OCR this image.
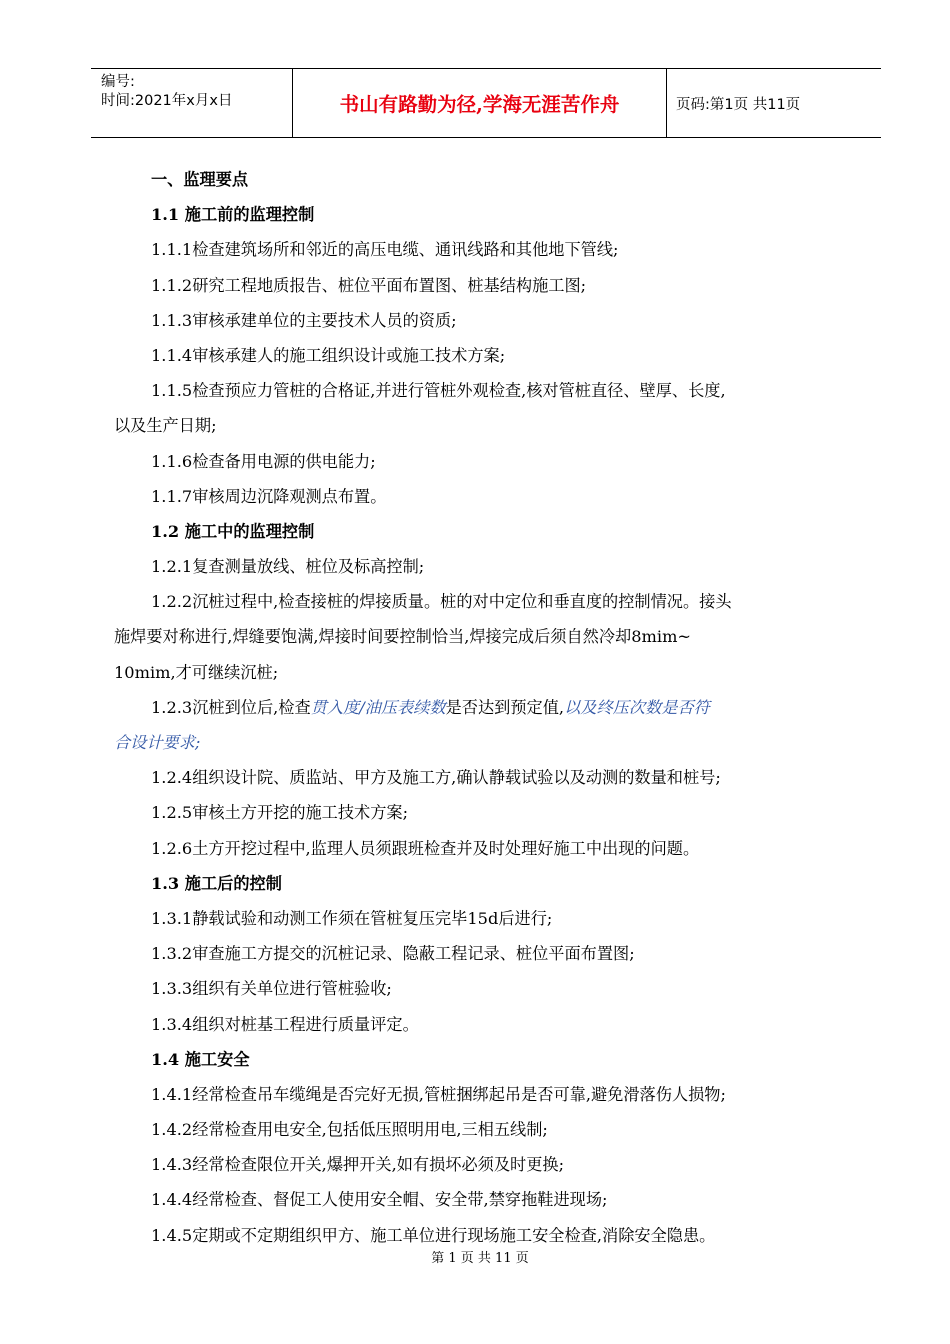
编号:
时间:2021年x月x日	书山有路勤为径,学海无涯苦作舟	页码:第1页 共11页
一、监理要点
1.1 施工前的监理控制
1.1.1检查建筑场所和邻近的高压电缆、通讯线路和其他地下管线;
1.1.2研究工程地质报告、桩位平面布置图、桩基结构施工图;
1.1.3审核承建单位的主要技术人员的资质;
1.1.4审核承建人的施工组织设计或施工技术方案;
1.1.5检查预应力管桩的合格证,并进行管桩外观检查,核对管桩直径、壁厚、长度,
以及生产日期;
1.1.6检查备用电源的供电能力;
1.1.7审核周边沉降观测点布置。
1.2 施工中的监理控制
1.2.1复查测量放线、桩位及标高控制;
1.2.2沉桩过程中,检查接桩的焊接质量。桩的对中定位和垂直度的控制情况。接头
施焊要对称进行,焊缝要饱满,焊接时间要控制恰当,焊接完成后须自然冷却8mim~
10mim,才可继续沉桩;
1.2.3沉桩到位后,检查贯入度/油压表续数是否达到预定值,以及终压次数是否符
合设计要求;
1.2.4组织设计院、质监站、甲方及施工方,确认静载试验以及动测的数量和桩号;
1.2.5审核土方开挖的施工技术方案;
1.2.6土方开挖过程中,监理人员须跟班检查并及时处理好施工中出现的问题。
1.3 施工后的控制
1.3.1静载试验和动测工作须在管桩复压完毕15d后进行;
1.3.2审查施工方提交的沉桩记录、隐蔽工程记录、桩位平面布置图;
1.3.3组织有关单位进行管桩验收;
1.3.4组织对桩基工程进行质量评定。
1.4 施工安全
1.4.1经常检查吊车缆绳是否完好无损,管桩捆绑起吊是否可靠,避免滑落伤人损物;
1.4.2经常检查用电安全,包括低压照明用电,三相五线制;
1.4.3经常检查限位开关,爆押开关,如有损坏必须及时更换;
1.4.4经常检查、督促工人使用安全帽、安全带,禁穿拖鞋进现场;
1.4.5定期或不定期组织甲方、施工单位进行现场施工安全检查,消除安全隐患。
第 1 页 共 11 页
